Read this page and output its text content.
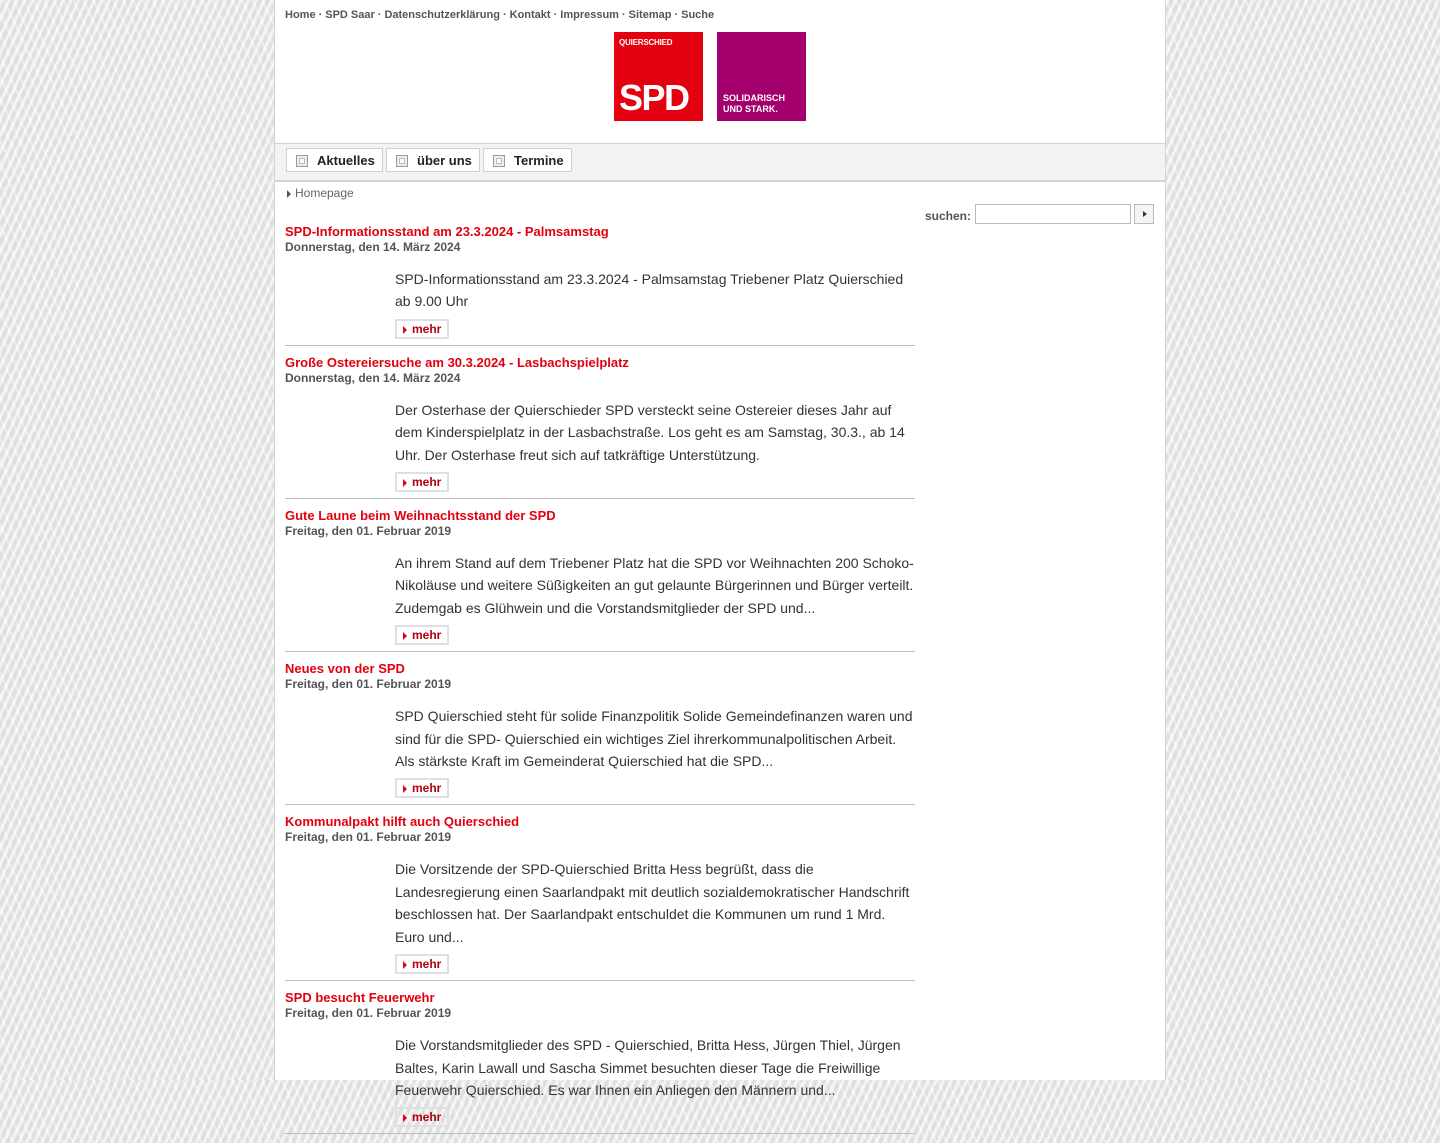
Home · SPD Saar · Datenschutzerklärung · Kontakt · Impressum · Sitemap · Suche
QUIERSCHIED
SPD	SOLIDARISCH
UND STARK.
Aktuelles	über uns	Termine
Homepage
suchen:
SPD-Informationsstand am 23.3.2024 - Palmsamstag
Donnerstag, den 14. März 2024
SPD-Informationsstand am 23.3.2024 - Palmsamstag Triebener Platz Quierschied ab 9.00 Uhr
mehr
Große Ostereiersuche am 30.3.2024 - Lasbachspielplatz
Donnerstag, den 14. März 2024
Der Osterhase der Quierschieder SPD versteckt seine Ostereier dieses Jahr auf dem Kinderspielplatz in der Lasbachstraße. Los geht es am Samstag, 30.3., ab 14 Uhr. Der Osterhase freut sich auf tatkräftige Unterstützung.
mehr
Gute Laune beim Weihnachtsstand der SPD
Freitag, den 01. Februar 2019
An ihrem Stand auf dem Triebener Platz hat die SPD vor Weihnachten 200 Schoko-Nikoläuse und weitere Süßigkeiten an gut gelaunte Bürgerinnen und Bürger verteilt. Zudemgab es Glühwein und die Vorstandsmitglieder der SPD und...
mehr
Neues von der SPD
Freitag, den 01. Februar 2019
SPD Quierschied steht für solide Finanzpolitik Solide Gemeindefinanzen waren und sind für die SPD- Quierschied ein wichtiges Ziel ihrerkommunalpolitischen Arbeit. Als stärkste Kraft im Gemeinderat Quierschied hat die SPD...
mehr
Kommunalpakt hilft auch Quierschied
Freitag, den 01. Februar 2019
Die Vorsitzende der SPD-Quierschied Britta Hess begrüßt, dass die Landesregierung einen Saarlandpakt mit deutlich sozialdemokratischer Handschrift beschlossen hat. Der Saarlandpakt entschuldet die Kommunen um rund 1 Mrd. Euro und...
mehr
SPD besucht Feuerwehr
Freitag, den 01. Februar 2019
Die Vorstandsmitglieder des SPD - Quierschied, Britta Hess, Jürgen Thiel, Jürgen Baltes, Karin Lawall und Sascha Simmet besuchten dieser Tage die Freiwillige Feuerwehr Quierschied. Es war Ihnen ein Anliegen den Männern und...
mehr
